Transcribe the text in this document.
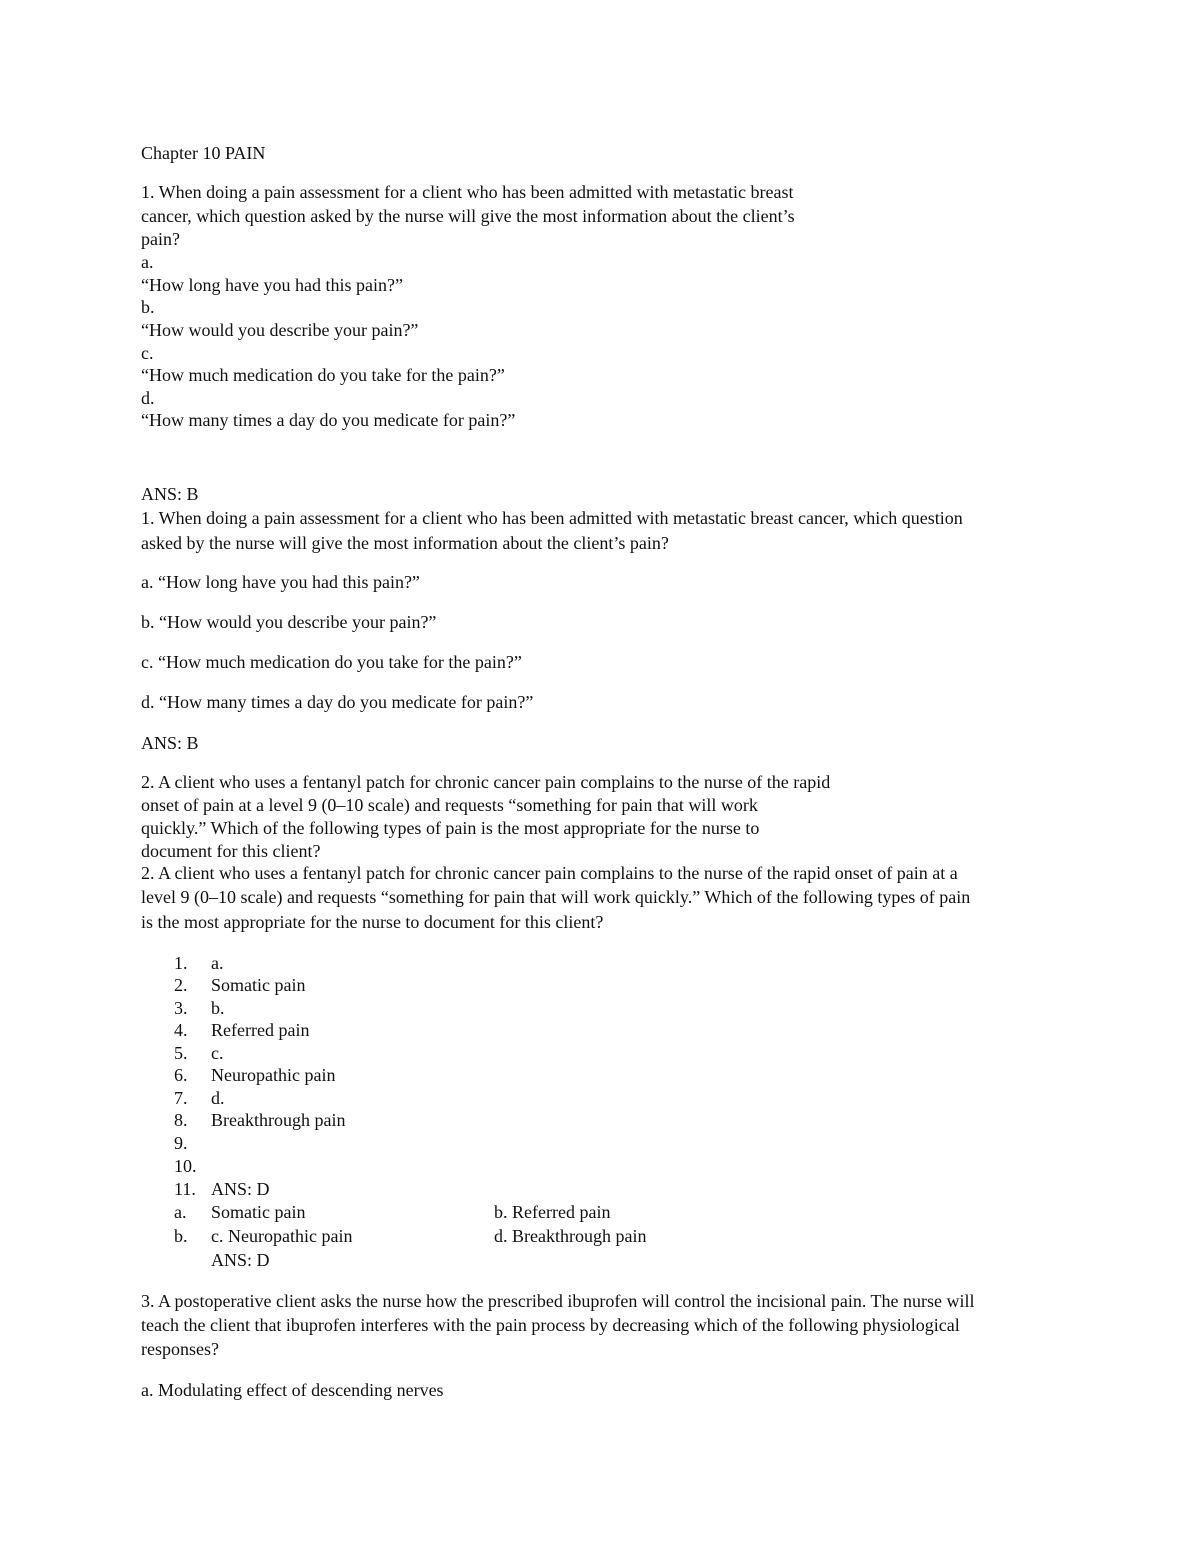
Chapter 10 PAIN
1. When doing a pain assessment for a client who has been admitted with metastatic breast
cancer, which question asked by the nurse will give the most information about the client’s
pain?
a.
“How long have you had this pain?”
b.
“How would you describe your pain?”
c.
“How much medication do you take for the pain?”
d.
“How many times a day do you medicate for pain?”
ANS: B
1. When doing a pain assessment for a client who has been admitted with metastatic breast cancer, which question
asked by the nurse will give the most information about the client’s pain?
a. “How long have you had this pain?”
b. “How would you describe your pain?”
c. “How much medication do you take for the pain?”
d. “How many times a day do you medicate for pain?”
ANS: B
2. A client who uses a fentanyl patch for chronic cancer pain complains to the nurse of the rapid
onset of pain at a level 9 (0–10 scale) and requests “something for pain that will work
quickly.” Which of the following types of pain is the most appropriate for the nurse to
document for this client?
2. A client who uses a fentanyl patch for chronic cancer pain complains to the nurse of the rapid onset of pain at a
level 9 (0–10 scale) and requests “something for pain that will work quickly.” Which of the following types of pain
is the most appropriate for the nurse to document for this client?
1. a.
2. Somatic pain
3. b.
4. Referred pain
5. c.
6. Neuropathic pain
7. d.
8. Breakthrough pain
9.
10.
11. ANS: D
a. Somatic pain	b. Referred pain
b. c. Neuropathic pain	d. Breakthrough pain
ANS: D
3. A postoperative client asks the nurse how the prescribed ibuprofen will control the incisional pain. The nurse will
teach the client that ibuprofen interferes with the pain process by decreasing which of the following physiological
responses?
a. Modulating effect of descending nerves
